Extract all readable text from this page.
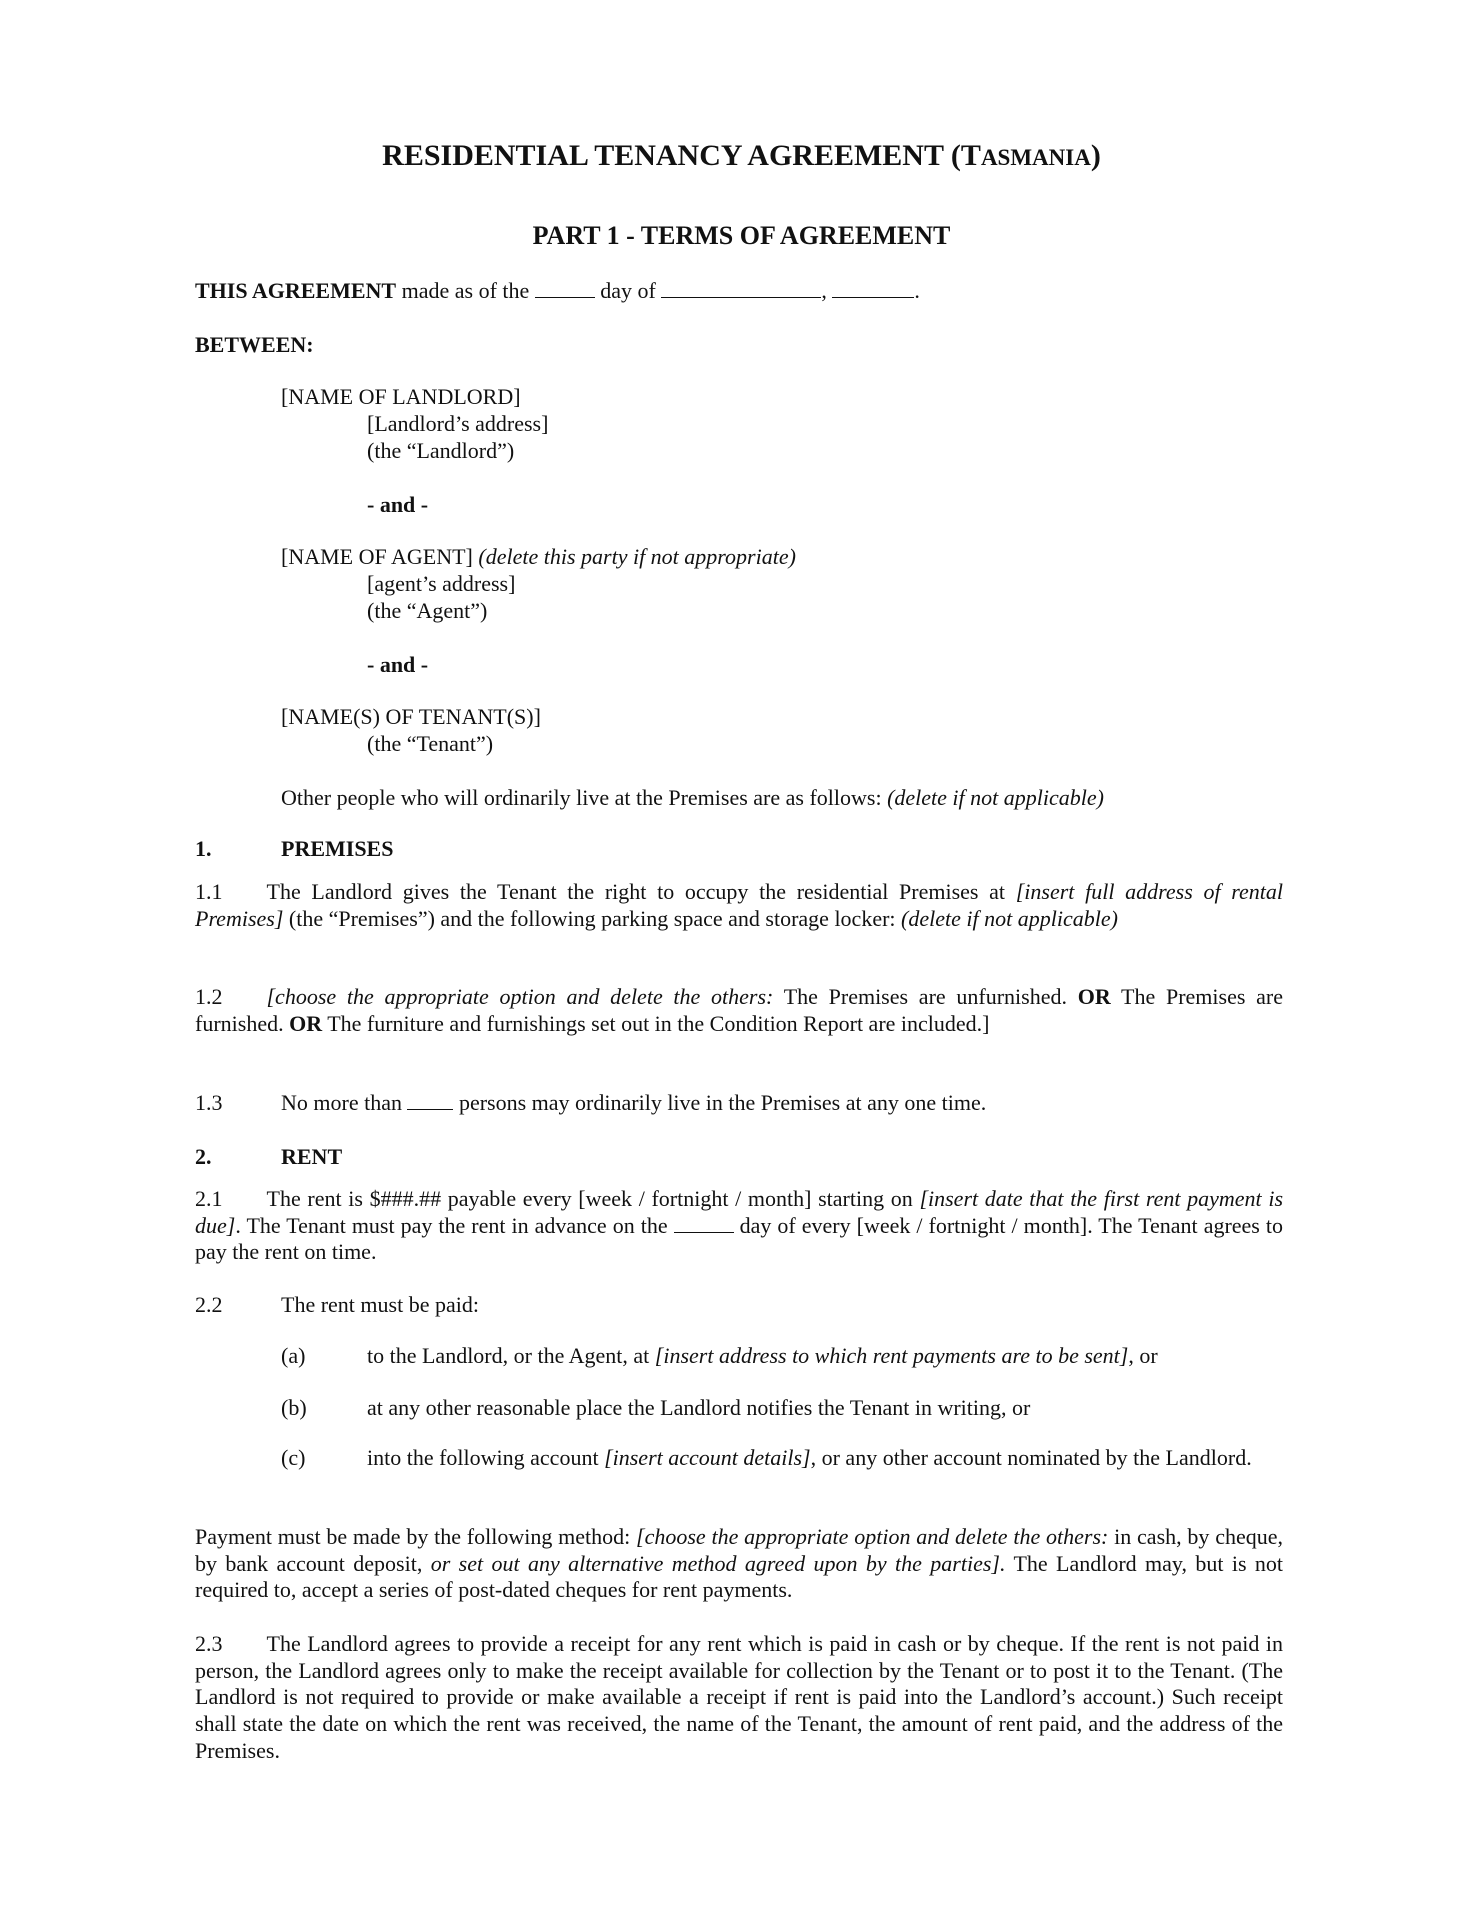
RESIDENTIAL TENANCY AGREEMENT (TASMANIA)
PART 1 - TERMS OF AGREEMENT
THIS AGREEMENT made as of the	day of	,	.
BETWEEN:
[NAME OF LANDLORD]
[Landlord’s address]
(the “Landlord”)
- and -
[NAME OF AGENT] (delete this party if not appropriate)
[agent’s address]
(the “Agent”)
- and -
[NAME(S) OF TENANT(S)]
(the “Tenant”)
Other people who will ordinarily live at the Premises are as follows: (delete if not applicable)
1.	PREMISES
1.1  The Landlord gives the Tenant the right to occupy the residential Premises at [insert full address of rental Premises] (the “Premises”) and the following parking space and storage locker: (delete if not applicable)
1.2  [choose the appropriate option and delete the others: The Premises are unfurnished. OR The Premises are furnished. OR The furniture and furnishings set out in the Condition Report are included.]
1.3	No more than  persons may ordinarily live in the Premises at any one time.
2.	RENT
2.1  The rent is $###.## payable every [week / fortnight / month] starting on [insert date that the first rent payment is due]. The Tenant must pay the rent in advance on the	day of every [week / fortnight / month]. The Tenant agrees to pay the rent on time.
2.2	The rent must be paid:
(a)	to the Landlord, or the Agent, at [insert address to which rent payments are to be sent], or
(b)	at any other reasonable place the Landlord notifies the Tenant in writing, or
(c)	into the following account [insert account details], or any other account nominated by the Landlord.
Payment must be made by the following method: [choose the appropriate option and delete the others: in cash, by cheque, by bank account deposit, or set out any alternative method agreed upon by the parties]. The Landlord may, but is not required to, accept a series of post-dated cheques for rent payments.
2.3  The Landlord agrees to provide a receipt for any rent which is paid in cash or by cheque. If the rent is not paid in person, the Landlord agrees only to make the receipt available for collection by the Tenant or to post it to the Tenant. (The Landlord is not required to provide or make available a receipt if rent is paid into the Landlord’s account.) Such receipt shall state the date on which the rent was received, the name of the Tenant, the amount of rent paid, and the address of the Premises.
